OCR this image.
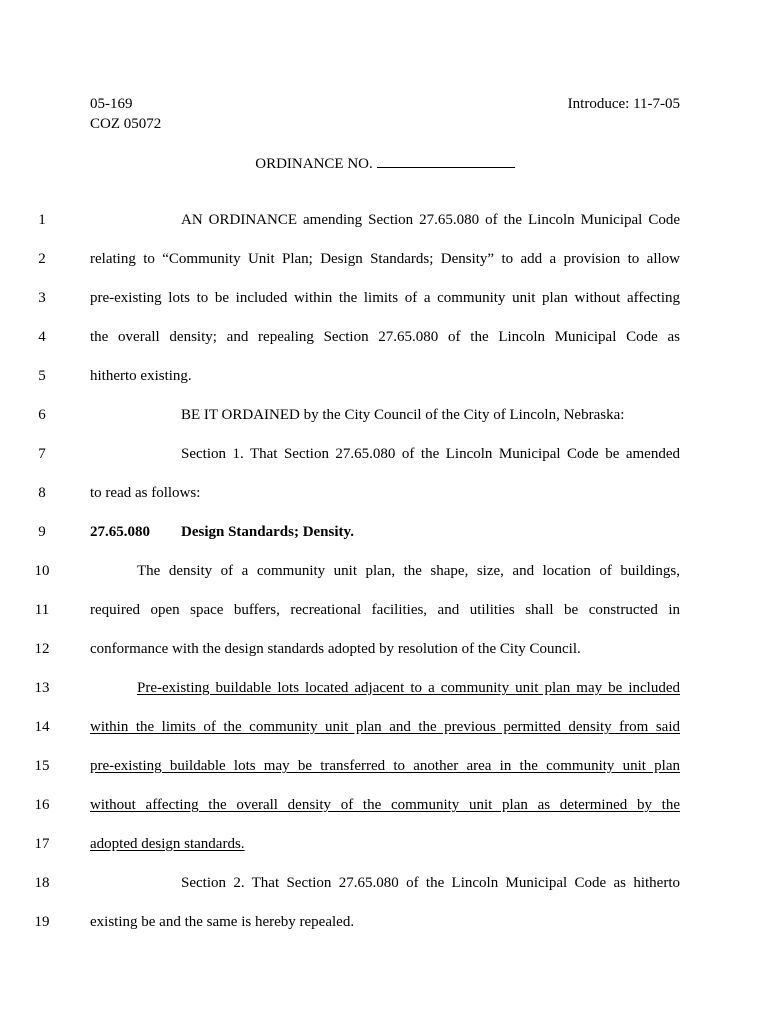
05-169
COZ 05072
Introduce: 11-7-05
ORDINANCE NO.
1	AN ORDINANCE amending Section 27.65.080 of the Lincoln Municipal Code
2	relating to “Community Unit Plan; Design Standards; Density” to add a provision to allow
3	pre-existing lots to be included within the limits of a community unit plan without affecting
4	the overall density; and repealing Section 27.65.080 of the Lincoln Municipal Code as
5	hitherto existing.
6	BE IT ORDAINED by the City Council of the City of Lincoln, Nebraska:
7	Section 1. That Section 27.65.080 of the Lincoln Municipal Code be amended
8	to read as follows:
9	27.65.080 Design Standards; Density.
10	The density of a community unit plan, the shape, size, and location of buildings,
11	required open space buffers, recreational facilities, and utilities shall be constructed in
12	conformance with the design standards adopted by resolution of the City Council.
13	Pre-existing buildable lots located adjacent to a community unit plan may be included
14	within the limits of the community unit plan and the previous permitted density from said
15	pre-existing buildable lots may be transferred to another area in the community unit plan
16	without affecting the overall density of the community unit plan as determined by the
17	adopted design standards.
18	Section 2. That Section 27.65.080 of the Lincoln Municipal Code as hitherto
19	existing be and the same is hereby repealed.
